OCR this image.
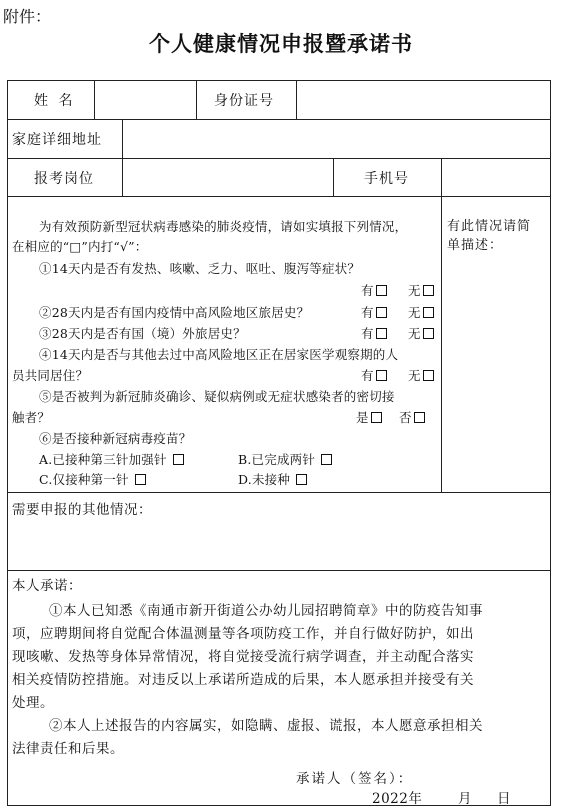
附件：
个人健康情况申报暨承诺书
姓 名	身份证号
家庭详细地址
报考岗位	手机号
有此情况请简
单描述：
为有效预防新型冠状病毒感染的肺炎疫情，请如实填报下列情况，
在相应的“□”内打“√”：
①14天内是否有发热、咳嗽、乏力、呕吐、腹泻等症状？
有	无
②28天内是否有国内疫情中高风险地区旅居史？	有	无
③28天内是否有国（境）外旅居史？	有	无
④14天内是否与其他去过中高风险地区正在居家医学观察期的人
员共同居住？	有	无
⑤是否被判为新冠肺炎确诊、疑似病例或无症状感染者的密切接
触者？	是	否
⑥是否接种新冠病毒疫苗？
A.已接种第三针加强针	B.已完成两针
C.仅接种第一针	D.未接种
需要申报的其他情况：
本人承诺：
①本人已知悉《南通市新开街道公办幼儿园招聘简章》中的防疫告知事
项，应聘期间将自觉配合体温测量等各项防疫工作，并自行做好防护，如出
现咳嗽、发热等身体异常情况，将自觉接受流行病学调查，并主动配合落实
相关疫情防控措施。对违反以上承诺所造成的后果，本人愿承担并接受有关
处理。
②本人上述报告的内容属实，如隐瞒、虚报、谎报，本人愿意承担相关
法律责任和后果。
承诺人（签名）：
2022年	月 日
